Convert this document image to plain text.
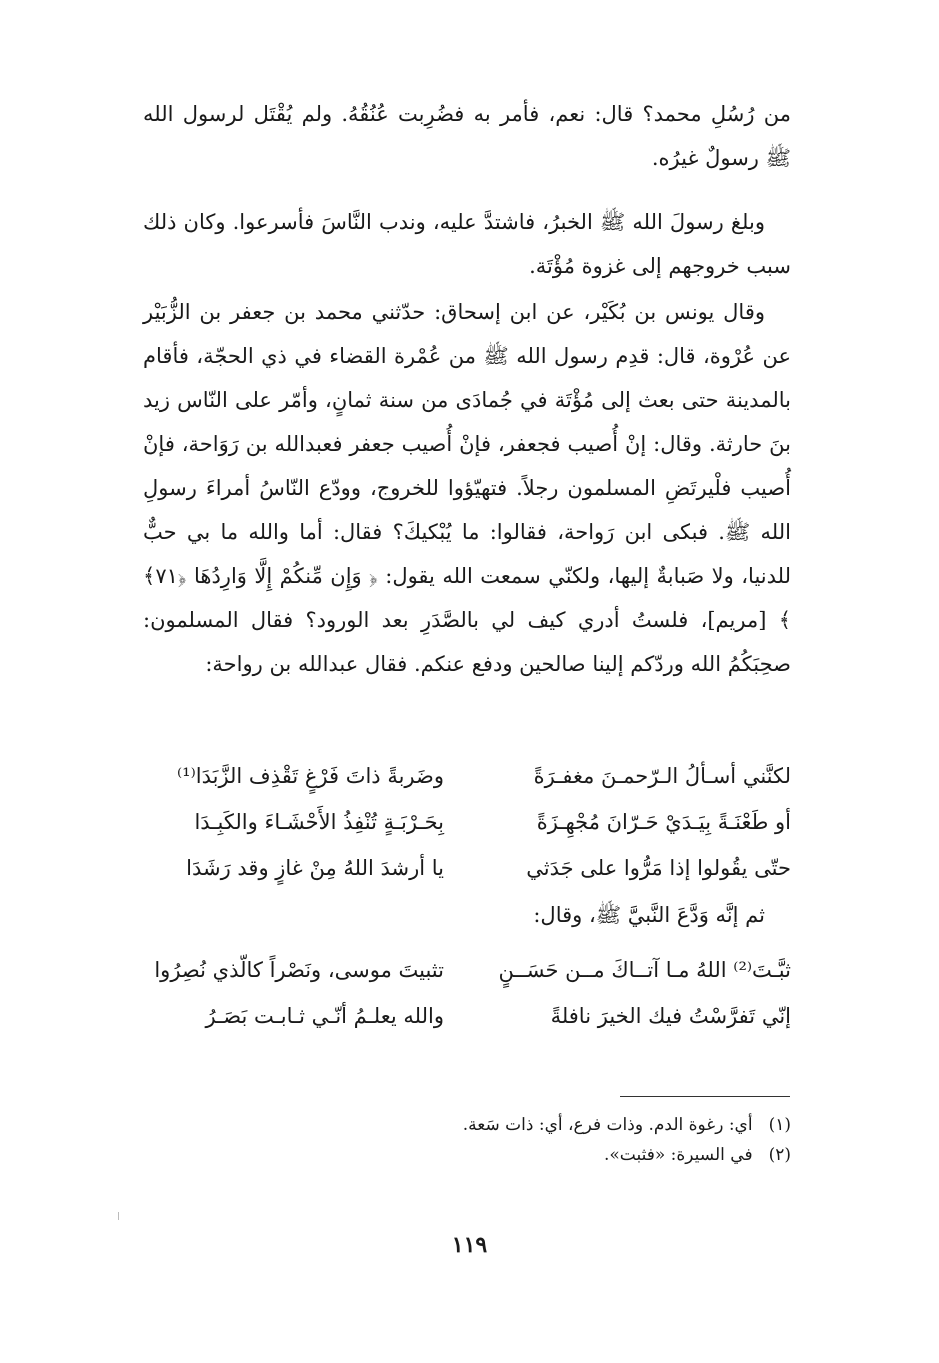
من رُسُلِ محمد؟ قال: نعم، فأمر به فضُرِبت عُنُقُهُ. ولم يُقْتَل لرسول الله ﷺ رسولٌ غيرُه.

وبلغ رسولَ الله ﷺ الخبرُ، فاشتدَّ عليه، وندب النَّاسَ فأسرعوا. وكان ذلك سبب خروجهم إلى غزوة مُؤْتَة.

وقال يونس بن بُكَيْر، عن ابن إسحاق: حدّثني محمد بن جعفر بن الزُّبَيْر عن عُرْوة، قال: قدِم رسول الله ﷺ من عُمْرة القضاء في ذي الحجّة، فأقام بالمدينة حتى بعث إلى مُؤْتَة في جُمادَى من سنة ثمانٍ، وأمّر على النّاس زيد بنَ حارثة. وقال: إنْ أُصيب فجعفر، فإنْ أُصيب جعفر فعبدالله بن رَوَاحة، فإنْ أُصيب فلْيرتَضِ المسلمون رجلاً. فتهيّؤوا للخروج، وودّع النّاسُ أمراءَ رسولِ الله ﷺ. فبكى ابن رَواحة، فقالوا: ما يُبْكيكَ؟ فقال: أما والله ما بي حبٌّ للدنيا، ولا صَبابةٌ إليها، ولكنّي سمعت الله يقول: ﴿ وَإِن مِّنكُمْ إِلَّا وَارِدُهَا ﴿٧١﴾ ﴾ [مريم]، فلستُ أدري كيف لي بالصَّدَرِ بعد الورود؟ فقال المسلمون: صحِبَكُمُ الله وردّكم إلينا صالحين ودفع عنكم. فقال عبدالله بن رواحة:

لكنَّني أسـألُ الـرّحمـنَ مغفـرَةً
وضَربةً ذاتَ فَرْغٍ تَقْذِف الزَّبَدَا⁽¹⁾
أو طَعْنَـةً بِيَـدَيْ حَـرّانَ مُجْهِـزَةً
بِحَـرْبَـةٍ تُنْفِذُ الأَحْشَـاءَ والكَبِـدَا
حتّى يقُولوا إذا مَرُّوا على جَدَثي
يا أرشدَ اللهُ مِنْ غازٍ وقد رَشَدَا
ثم إنَّه وَدَّعَ النَّبيَّ ﷺ، وقال:
ثبَّـتَ⁽²⁾ اللهُ مـا آتــاكَ مــن حَسَــنٍ
تثبيتَ موسى، ونَصْراً كالّذي نُصِرُوا
إنّي تَفرَّسْتُ فيك الخيرَ نافلةً
والله يعلـمُ أنّـي ثـابـت بَصَـرُ
(١)أي: رغوة الدم. وذات فرع، أي: ذات سَعة.
(٢)في السيرة: «فثبت».
١١٩
